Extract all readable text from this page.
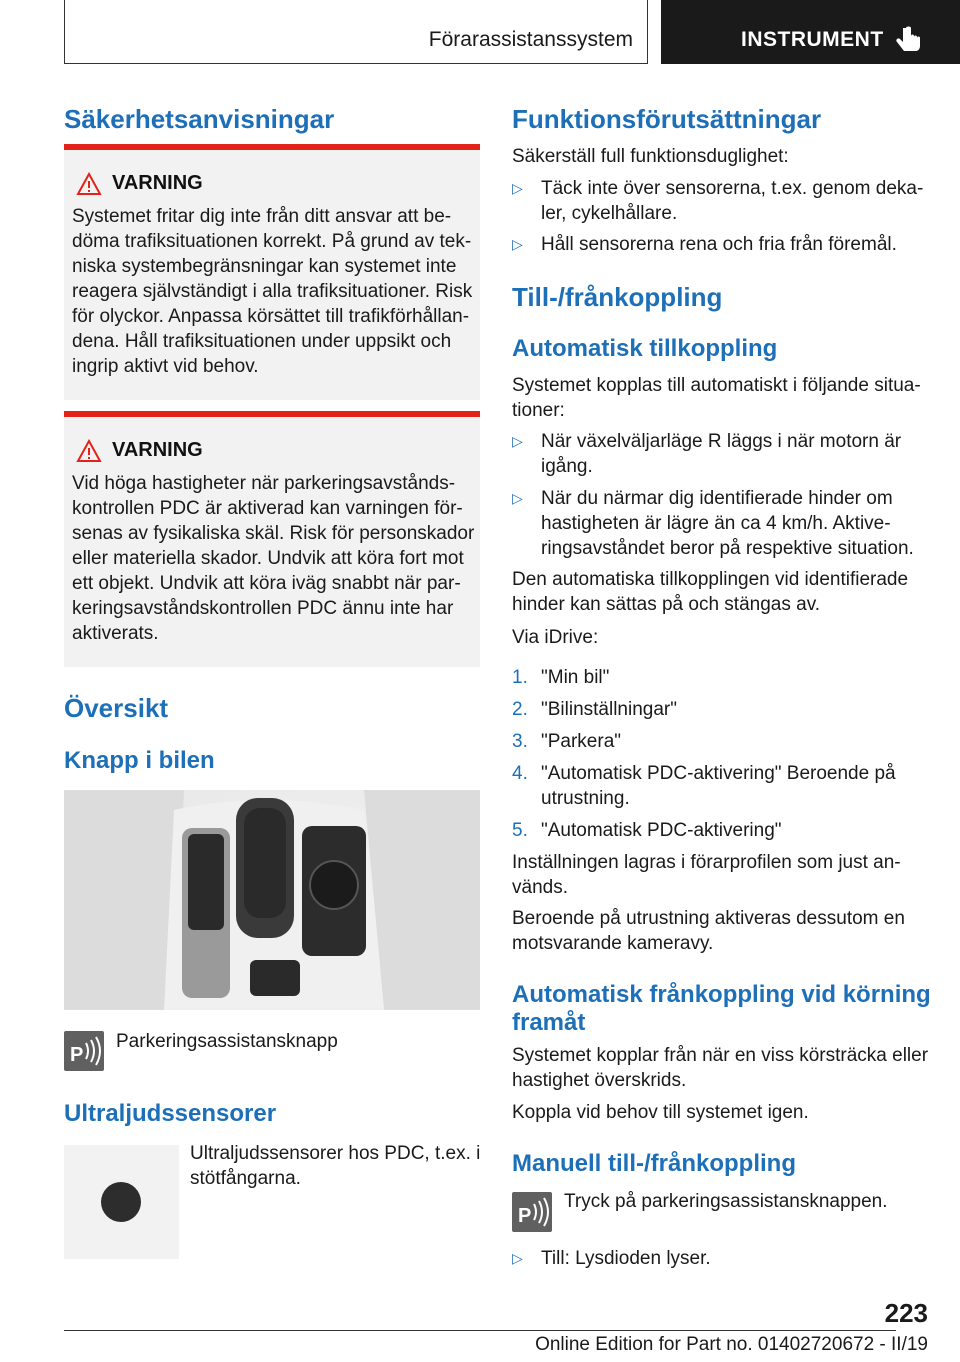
Förarassistanssystem	INSTRUMENT
Säkerhetsanvisningar
VARNING
Systemet fritar dig inte från ditt ansvar att be‐
döma trafiksituationen korrekt. På grund av tek‐
niska systembegränsningar kan systemet inte
reagera självständigt i alla trafiksituationer. Risk
för olyckor. Anpassa körsättet till trafikförhållan‐
dena. Håll trafiksituationen under uppsikt och
ingrip aktivt vid behov.
VARNING
Vid höga hastigheter när parkeringsavstånds‐
kontrollen PDC är aktiverad kan varningen för‐
senas av fysikaliska skäl. Risk för personskador
eller materiella skador. Undvik att köra fort mot
ett objekt. Undvik att köra iväg snabbt när par‐
keringsavståndskontrollen PDC ännu inte har
aktiverats.
Översikt
Knapp i bilen
P
Parkeringsassistansknapp
Ultraljudssensorer
Ultraljudssensorer hos PDC, t.ex. i
stötfångarna.
Funktionsförutsättningar
Säkerställ full funktionsduglighet:
▷ Täck inte över sensorerna, t.ex. genom deka‐
ler, cykelhållare.
▷ Håll sensorerna rena och fria från föremål.
Till-/frånkoppling
Automatisk tillkoppling
Systemet kopplas till automatiskt i följande situa‐
tioner:
▷ När växelväljarläge R läggs i när motorn är
igång.
▷ När du närmar dig identifierade hinder om
hastigheten är lägre än ca 4 km/h. Aktive‐
ringsavståndet beror på respektive situation.
Den automatiska tillkopplingen vid identifierade
hinder kan sättas på och stängas av.
Via iDrive:
1. "Min bil"
2. "Bilinställningar"
3. "Parkera"
4. "Automatisk PDC-aktivering" Beroende på
utrustning.
5. "Automatisk PDC-aktivering"
Inställningen lagras i förarprofilen som just an‐
vänds.
Beroende på utrustning aktiveras dessutom en
motsvarande kameravy.
Automatisk frånkoppling vid körning
framåt
Systemet kopplar från när en viss körsträcka eller
hastighet överskrids.
Koppla vid behov till systemet igen.
Manuell till-/frånkoppling
P
Tryck på parkeringsassistansknappen.
▷ Till: Lysdioden lyser.
223
Online Edition for Part no. 01402720672 - II/19
